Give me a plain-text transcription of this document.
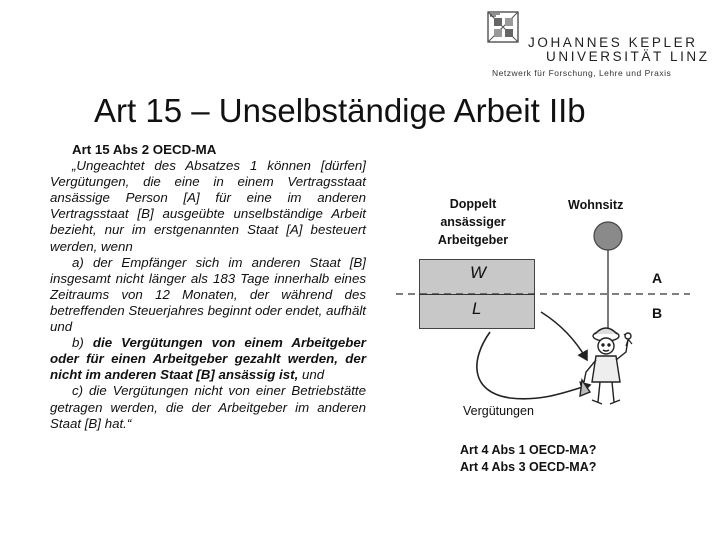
JOHANNES KEPLER
UNIVERSITÄT LINZ
Netzwerk für Forschung, Lehre und Praxis
Art 15 – Unselbständige Arbeit IIb

Art 15 Abs 2 OECD-MA

„Ungeachtet des Absatzes 1 können [dürfen] Vergütungen, die eine in einem Vertragsstaat ansässige Person [A] für eine im anderen Vertragsstaat [B] ausgeübte unselbständige Arbeit bezieht, nur im erstgenannten Staat [A] besteuert werden, wenn

a) der Empfänger sich im anderen Staat [B] insgesamt nicht länger als 183 Tage innerhalb eines Zeitraums von 12 Monaten, der während des betreffenden Steuerjahres beginnt oder endet, aufhält und

b) die Vergütungen von einem Arbeitgeber oder für einen Arbeitgeber gezahlt werden, der nicht im anderen Staat [B] ansässig ist, und

c) die Vergütungen nicht von einer Betriebstätte getragen werden, die der Arbeitgeber im anderen Staat [B] hat.“

Doppelt ansässiger Arbeitgeber
Wohnsitz
W
L
A
B
Vergütungen
Art 4 Abs 1 OECD-MA?
Art 4 Abs 3 OECD-MA?
